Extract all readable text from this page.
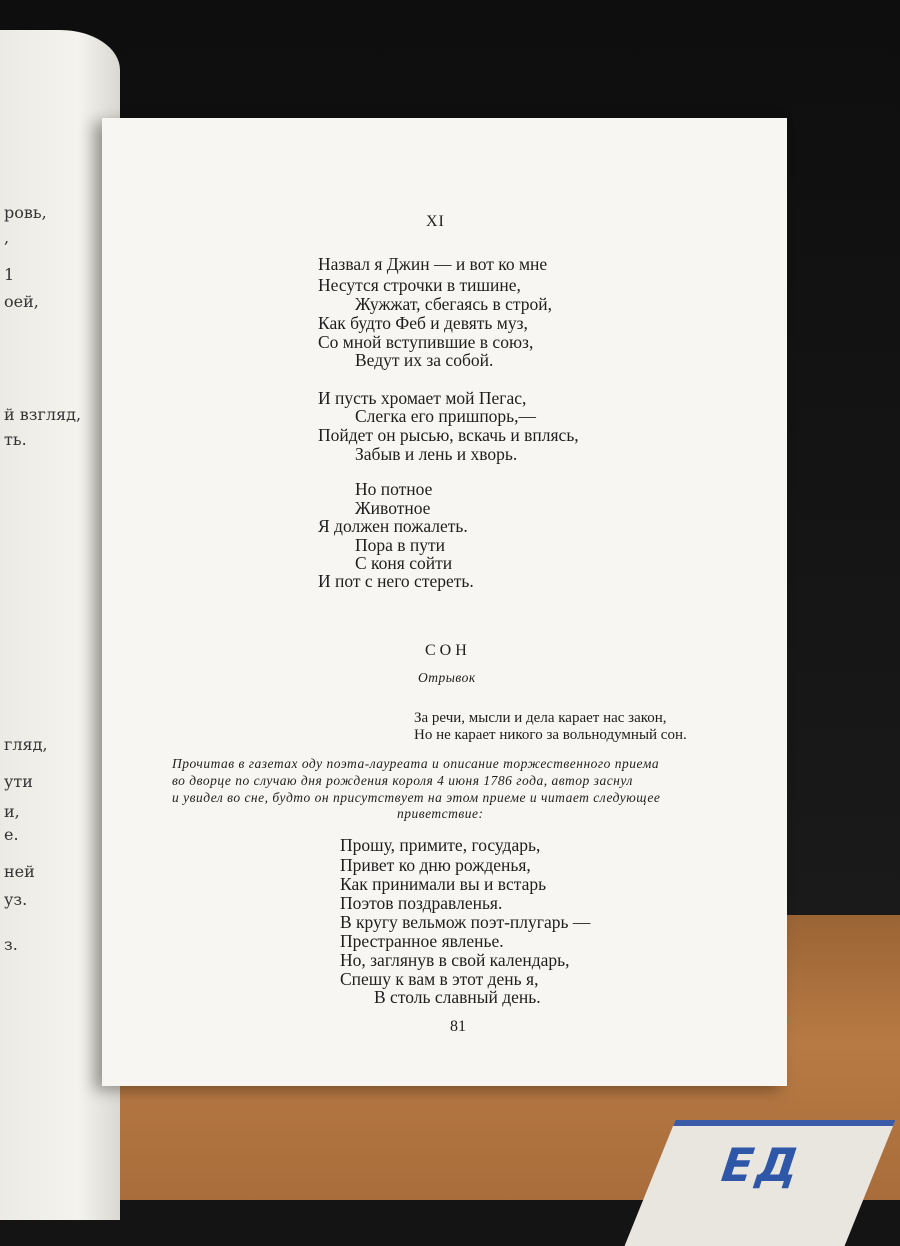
ЕД
ровь,
,
1
оей,
й взгляд,
ть.
гляд,
ути
и,
е.
ней
уз.
з.
XI
Назвал я Джин — и вот ко мне
Несутся строчки в тишине,
Жужжат, сбегаясь в строй,
Как будто Феб и девять муз,
Со мной вступившие в союз,
Ведут их за собой.
И пусть хромает мой Пегас,
Слегка его пришпорь,—
Пойдет он рысью, вскачь и вплясь,
Забыв и лень и хворь.
Но потное
Животное
Я должен пожалеть.
Пора в пути
С коня сойти
И пот с него стереть.
СОН
Отрывок
За речи, мысли и дела карает нас закон,
Но не карает никого за вольнодумный сон.
Прочитав в газетах оду поэта-лауреата и описание торжественного приема
во дворце по случаю дня рождения короля 4 июня 1786 года, автор заснул
и увидел во сне, будто он присутствует на этом приеме и читает следующее
приветствие:
Прошу, примите, государь,
Привет ко дню рожденья,
Как принимали вы и встарь
Поэтов поздравленья.
В кругу вельмож поэт-плугарь —
Престранное явленье.
Но, заглянув в свой календарь,
Спешу к вам в этот день я,
В столь славный день.
81
